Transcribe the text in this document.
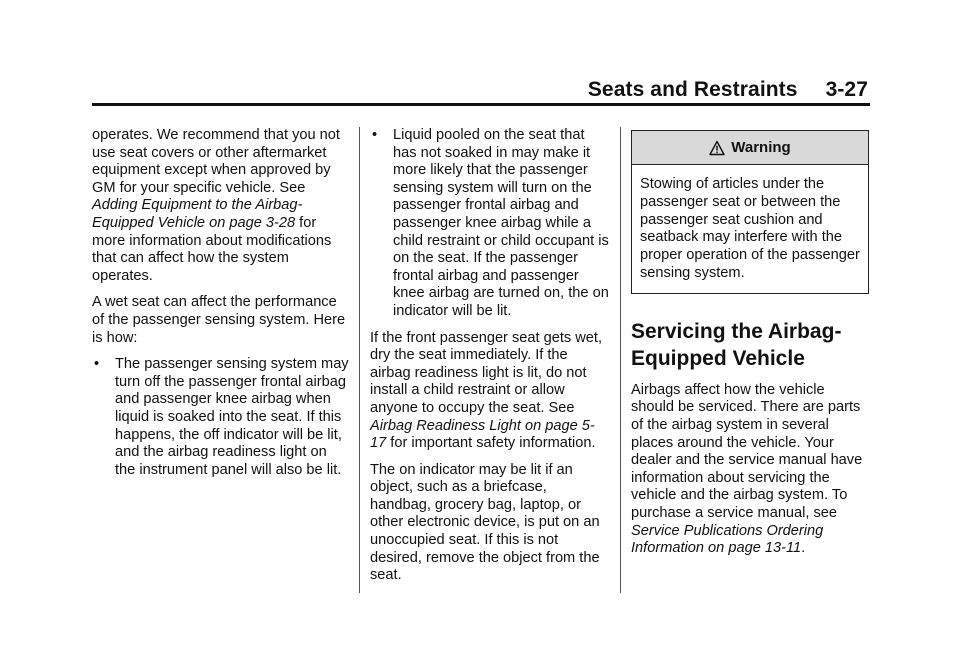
Seats and Restraints 3-27

operates. We recommend that you not use seat covers or other aftermarket equipment except when approved by GM for your specific vehicle. See Adding Equipment to the Airbag-Equipped Vehicle on page 3-28 for more information about modifications that can affect how the system operates.

A wet seat can affect the performance of the passenger sensing system. Here is how:

• The passenger sensing system may turn off the passenger frontal airbag and passenger knee airbag when liquid is soaked into the seat. If this happens, the off indicator will be lit, and the airbag readiness light on the instrument panel will also be lit.
• Liquid pooled on the seat that has not soaked in may make it more likely that the passenger sensing system will turn on the passenger frontal airbag and passenger knee airbag while a child restraint or child occupant is on the seat. If the passenger frontal airbag and passenger knee airbag are turned on, the on indicator will be lit.

If the front passenger seat gets wet, dry the seat immediately. If the airbag readiness light is lit, do not install a child restraint or allow anyone to occupy the seat. See Airbag Readiness Light on page 5-17 for important safety information.

The on indicator may be lit if an object, such as a briefcase, handbag, grocery bag, laptop, or other electronic device, is put on an unoccupied seat. If this is not desired, remove the object from the seat.

Warning
Stowing of articles under the passenger seat or between the passenger seat cushion and seatback may interfere with the proper operation of the passenger sensing system.
Servicing the Airbag-Equipped Vehicle

Airbags affect how the vehicle should be serviced. There are parts of the airbag system in several places around the vehicle. Your dealer and the service manual have information about servicing the vehicle and the airbag system. To purchase a service manual, see Service Publications Ordering Information on page 13-11.
